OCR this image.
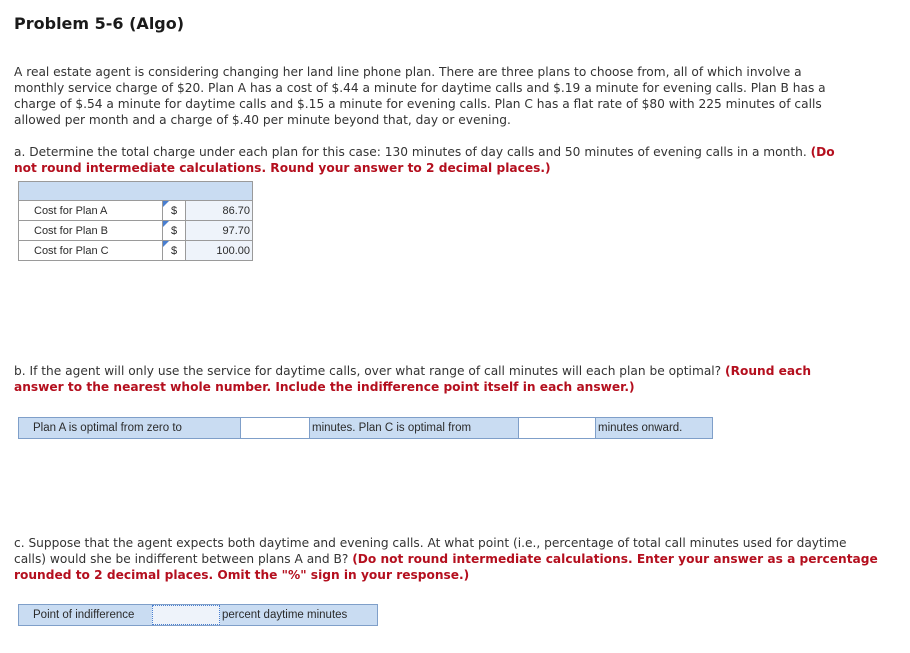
Problem 5-6 (Algo)
A real estate agent is considering changing her land line phone plan. There are three plans to choose from, all of which involve a
monthly service charge of $20. Plan A has a cost of $.44 a minute for daytime calls and $.19 a minute for evening calls. Plan B has a
charge of $.54 a minute for daytime calls and $.15 a minute for evening calls. Plan C has a flat rate of $80 with 225 minutes of calls
allowed per month and a charge of $.40 per minute beyond that, day or evening.
a. Determine the total charge under each plan for this case: 130 minutes of day calls and 50 minutes of evening calls in a month. (Do
not round intermediate calculations. Round your answer to 2 decimal places.)

Cost for Plan A	$	86.70
Cost for Plan B	$	97.70
Cost for Plan C	$	100.00
b. If the agent will only use the service for daytime calls, over what range of call minutes will each plan be optimal? (Round each
answer to the nearest whole number. Include the indifference point itself in each answer.)
Plan A is optimal from zero to	minutes. Plan C is optimal from	minutes onward.
c. Suppose that the agent expects both daytime and evening calls. At what point (i.e., percentage of total call minutes used for daytime
calls) would she be indifferent between plans A and B? (Do not round intermediate calculations. Enter your answer as a percentage
rounded to 2 decimal places. Omit the "%" sign in your response.)
Point of indifference	percent daytime minutes
